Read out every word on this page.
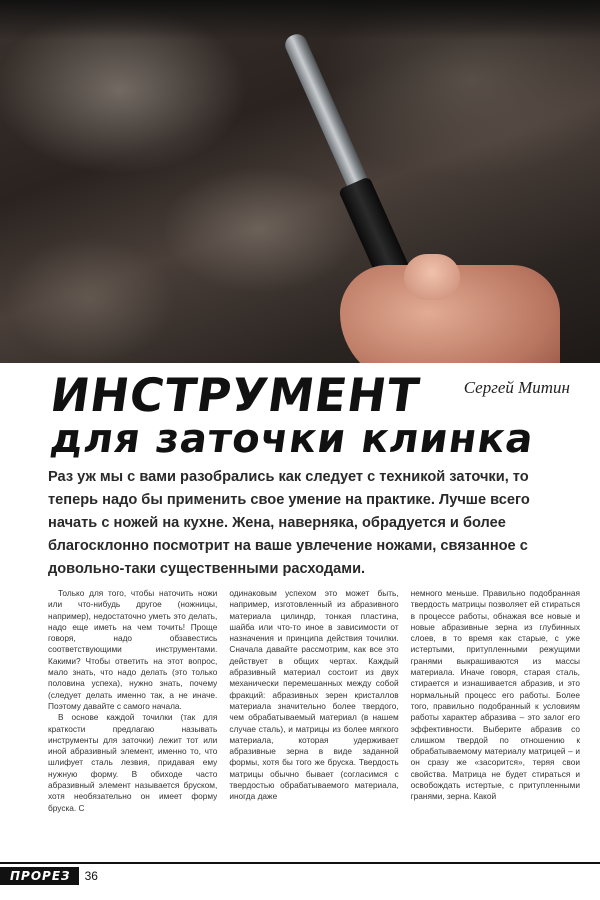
ИНСТРУМЕНТ
для заточки клинка
Сергей Митин

Раз уж мы с вами разобрались как следует с техникой заточки, то теперь надо бы применить свое умение на практике. Лучше всего начать с ножей на кухне. Жена, наверняка, обрадуется и более благосклонно посмотрит на ваше увлечение ножами, связанное с довольно-таки существенными расходами.

Только для того, чтобы наточить ножи или что-нибудь другое (ножницы, например), недостаточно уметь это делать, надо еще иметь на чем точить! Проще говоря, надо обзавестись соответствующими инструментами. Какими? Чтобы ответить на этот вопрос, мало знать, что надо делать (это только половина успеха), нужно знать, почему (следует делать именно так, а не иначе. Поэтому давайте с самого начала.

В основе каждой точилки (так для краткости предлагаю называть инструменты для заточки) лежит тот или иной абразивный элемент, именно то, что шлифует сталь лезвия, придавая ему нужную форму. В обиходе часто абразивный элемент называется бруском, хотя необязательно он имеет форму бруска. С

одинаковым успехом это может быть, например, изготовленный из абразивного материала цилиндр, тонкая пластина, шайба или что-то иное в зависимости от назначения и принципа действия точилки. Сначала давайте рассмотрим, как все это действует в общих чертах. Каждый абразивный материал состоит из двух механически перемешанных между собой фракций: абразивных зерен кристаллов материала значительно более твердого, чем обрабатываемый материал (в нашем случае сталь), и матрицы из более мягкого материала, которая удерживает абразивные зерна в виде заданной формы, хотя бы того же бруска. Твердость матрицы обычно бывает (согласимся с твердостью обрабатываемого материала, иногда даже

немного меньше. Правильно подобранная твердость матрицы позволяет ей стираться в процессе работы, обнажая все новые и новые абразивные зерна из глубинных слоев, в то время как старые, с уже истертыми, притупленными режущими гранями выкрашиваются из массы материала. Иначе говоря, старая сталь, стирается и изнашивается абразив, и это нормальный процесс его работы. Более того, правильно подобранный к условиям работы характер абразива – это залог его эффективности. Выберите абразив со слишком твердой по отношению к обрабатываемому материалу матрицей – и он сразу же «засорится», теряя свои свойства. Матрица не будет стираться и освобождать истертые, с притупленными гранями, зерна. Какой

ПРОРЕЗ	36
